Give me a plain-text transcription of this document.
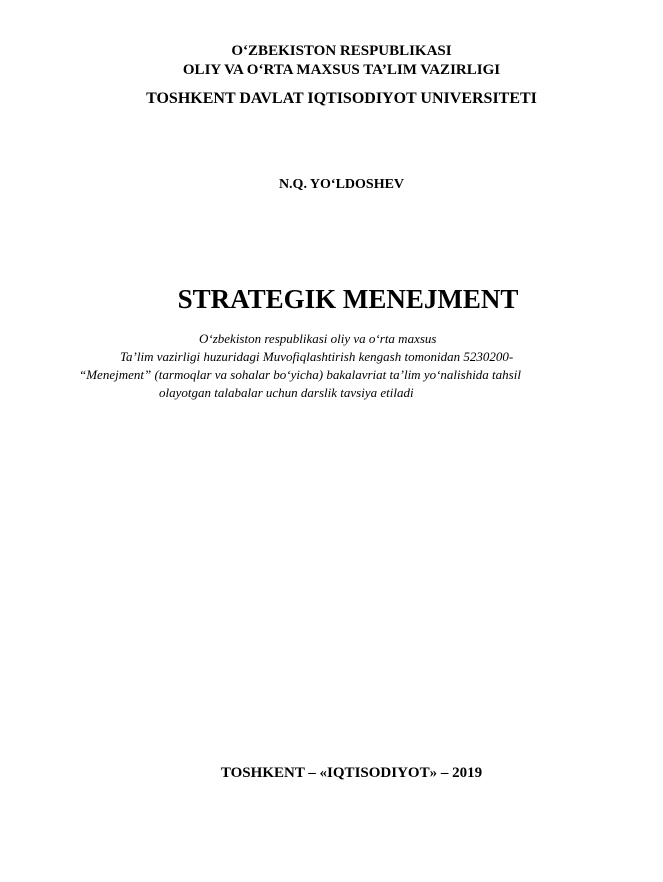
O‘ZBEKISTON RESPUBLIKASI
OLIY VA O‘RTA MAXSUS TA’LIM VAZIRLIGI
TOSHKENT DAVLAT IQTISODIYOT UNIVERSITETI
N.Q. YO‘LDOSHEV
STRATEGIK MENEJMENT
O‘zbekiston respublikasi oliy va o‘rta maxsus
Ta’lim vazirligi huzuridagi Muvofiqlashtirish kengash tomonidan 5230200-
“Menejment” (tarmoqlar va sohalar bo‘yicha) bakalavriat ta’lim yo‘nalishida tahsil
olayotgan talabalar uchun darslik tavsiya etiladi
TOSHKENT – «IQTISODIYOT» – 2019
